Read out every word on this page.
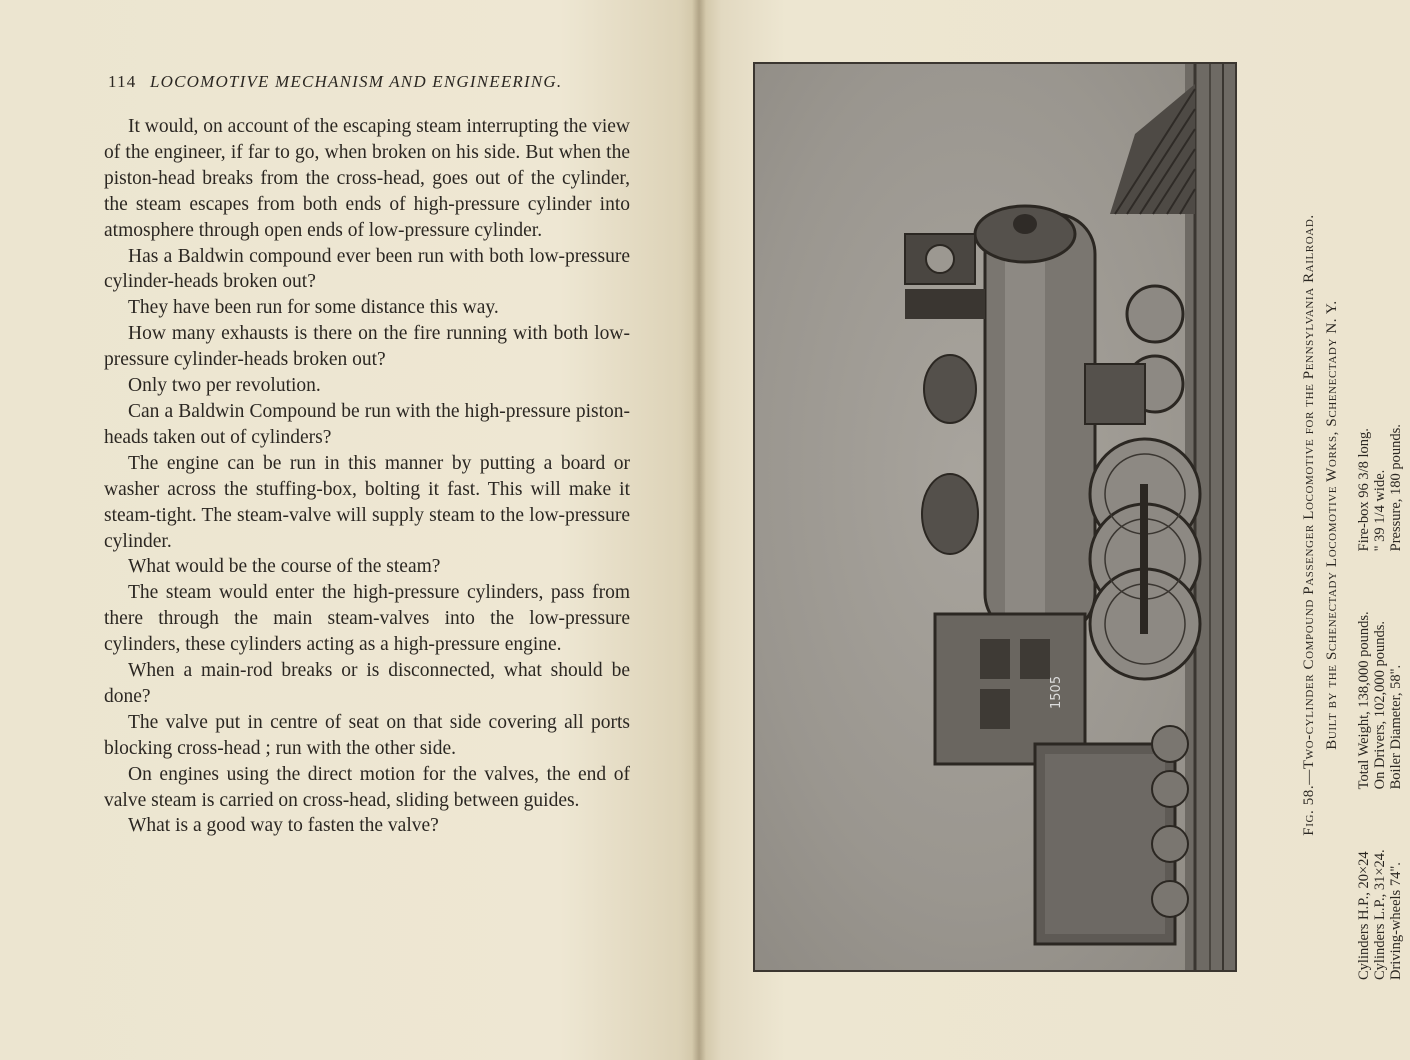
114 LOCOMOTIVE MECHANISM AND ENGINEERING.

It would, on account of the escaping steam interrupting the view of the engineer, if far to go, when broken on his side. But when the piston-head breaks from the cross-head, goes out of the cylinder, the steam escapes from both ends of high-pressure cylinder into atmosphere through open ends of low-pressure cylinder.

Has a Baldwin compound ever been run with both low-pressure cylinder-heads broken out?

They have been run for some distance this way.

How many exhausts is there on the fire running with both low-pressure cylinder-heads broken out?

Only two per revolution.

Can a Baldwin Compound be run with the high-pressure piston-heads taken out of cylinders?

The engine can be run in this manner by putting a board or washer across the stuffing-box, bolting it fast. This will make it steam-tight. The steam-valve will supply steam to the low-pressure cylinder.

What would be the course of the steam?

The steam would enter the high-pressure cylinders, pass from there through the main steam-valves into the low-pressure cylinders, these cylinders acting as a high-pressure engine.

When a main-rod breaks or is disconnected, what should be done?

The valve put in centre of seat on that side covering all ports blocking cross-head ; run with the other side.

On engines using the direct motion for the valves, the end of valve steam is carried on cross-head, sliding between guides.

What is a good way to fasten the valve?

1505	Fig. 58.—Two-cylinder Compound Passenger Locomotive for the Pennsylvania Railroad. Built by the Schenectady Locomotive Works, Schenectady N. Y.
Cylinders H.P., 20×24 Cylinders L.P., 31×24. Driving-wheels 74".
Total Weight, 138,000 pounds. On Drivers, 102,000 pounds. Boiler Diameter, 58".
Fire-box 96 3/8 long. " 39 1/4 wide. Pressure, 180 pounds.
